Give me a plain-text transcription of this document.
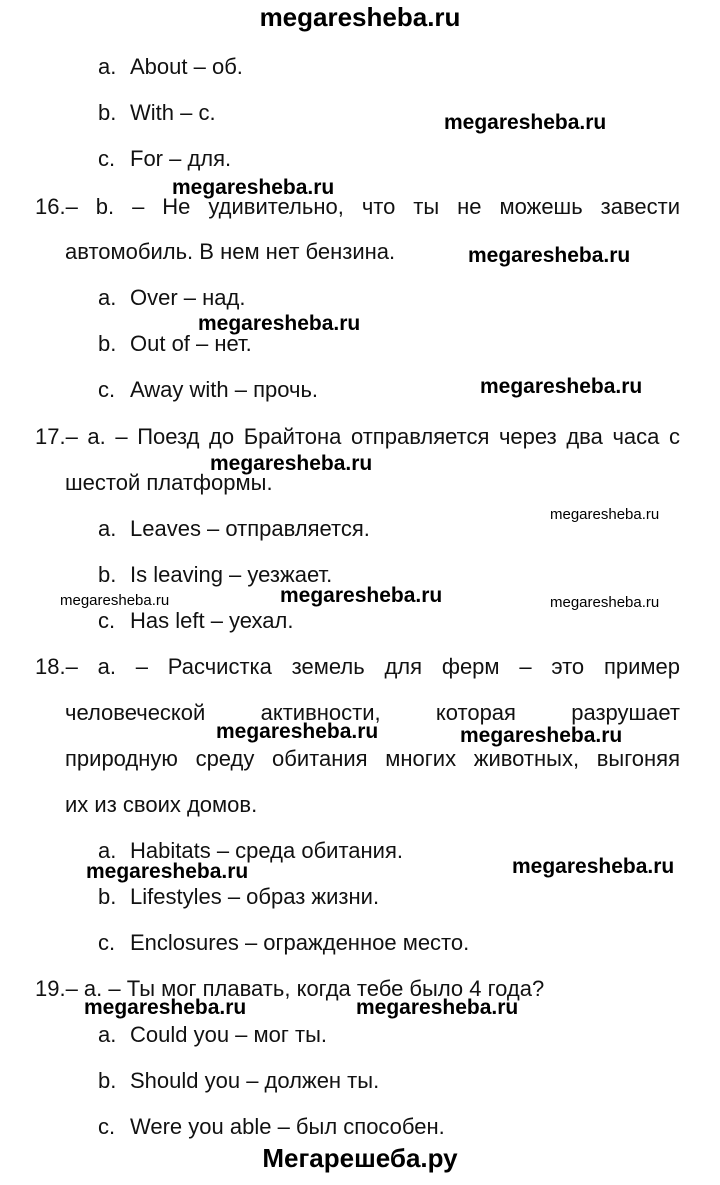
megaresheba.ru
a. About – об.
b. With – с.
c. For – для.
16.– b. – Не удивительно, что ты не можешь завести
автомобиль. В нем нет бензина.
a. Over – над.
b. Out of – нет.
c. Away with – прочь.
17.– a. – Поезд до Брайтона отправляется через два часа с
шестой платформы.
a. Leaves – отправляется.
b. Is leaving – уезжает.
c. Has left – уехал.
18.– a. – Расчистка земель для ферм – это пример
человеческой активности, которая разрушает
природную среду обитания многих животных, выгоняя
их из своих домов.
a. Habitats – среда обитания.
b. Lifestyles – образ жизни.
c. Enclosures – огражденное место.
19.– a. – Ты мог плавать, когда тебе было 4 года?
a. Could you – мог ты.
b. Should you – должен ты.
c. Were you able – был способен.
megaresheba.ru
megaresheba.ru
megaresheba.ru
megaresheba.ru
megaresheba.ru
megaresheba.ru
megaresheba.ru
megaresheba.ru	megaresheba.ru	megaresheba.ru
megaresheba.ru	megaresheba.ru
megaresheba.ru	megaresheba.ru
megaresheba.ru	megaresheba.ru
Мегарешеба.ру
